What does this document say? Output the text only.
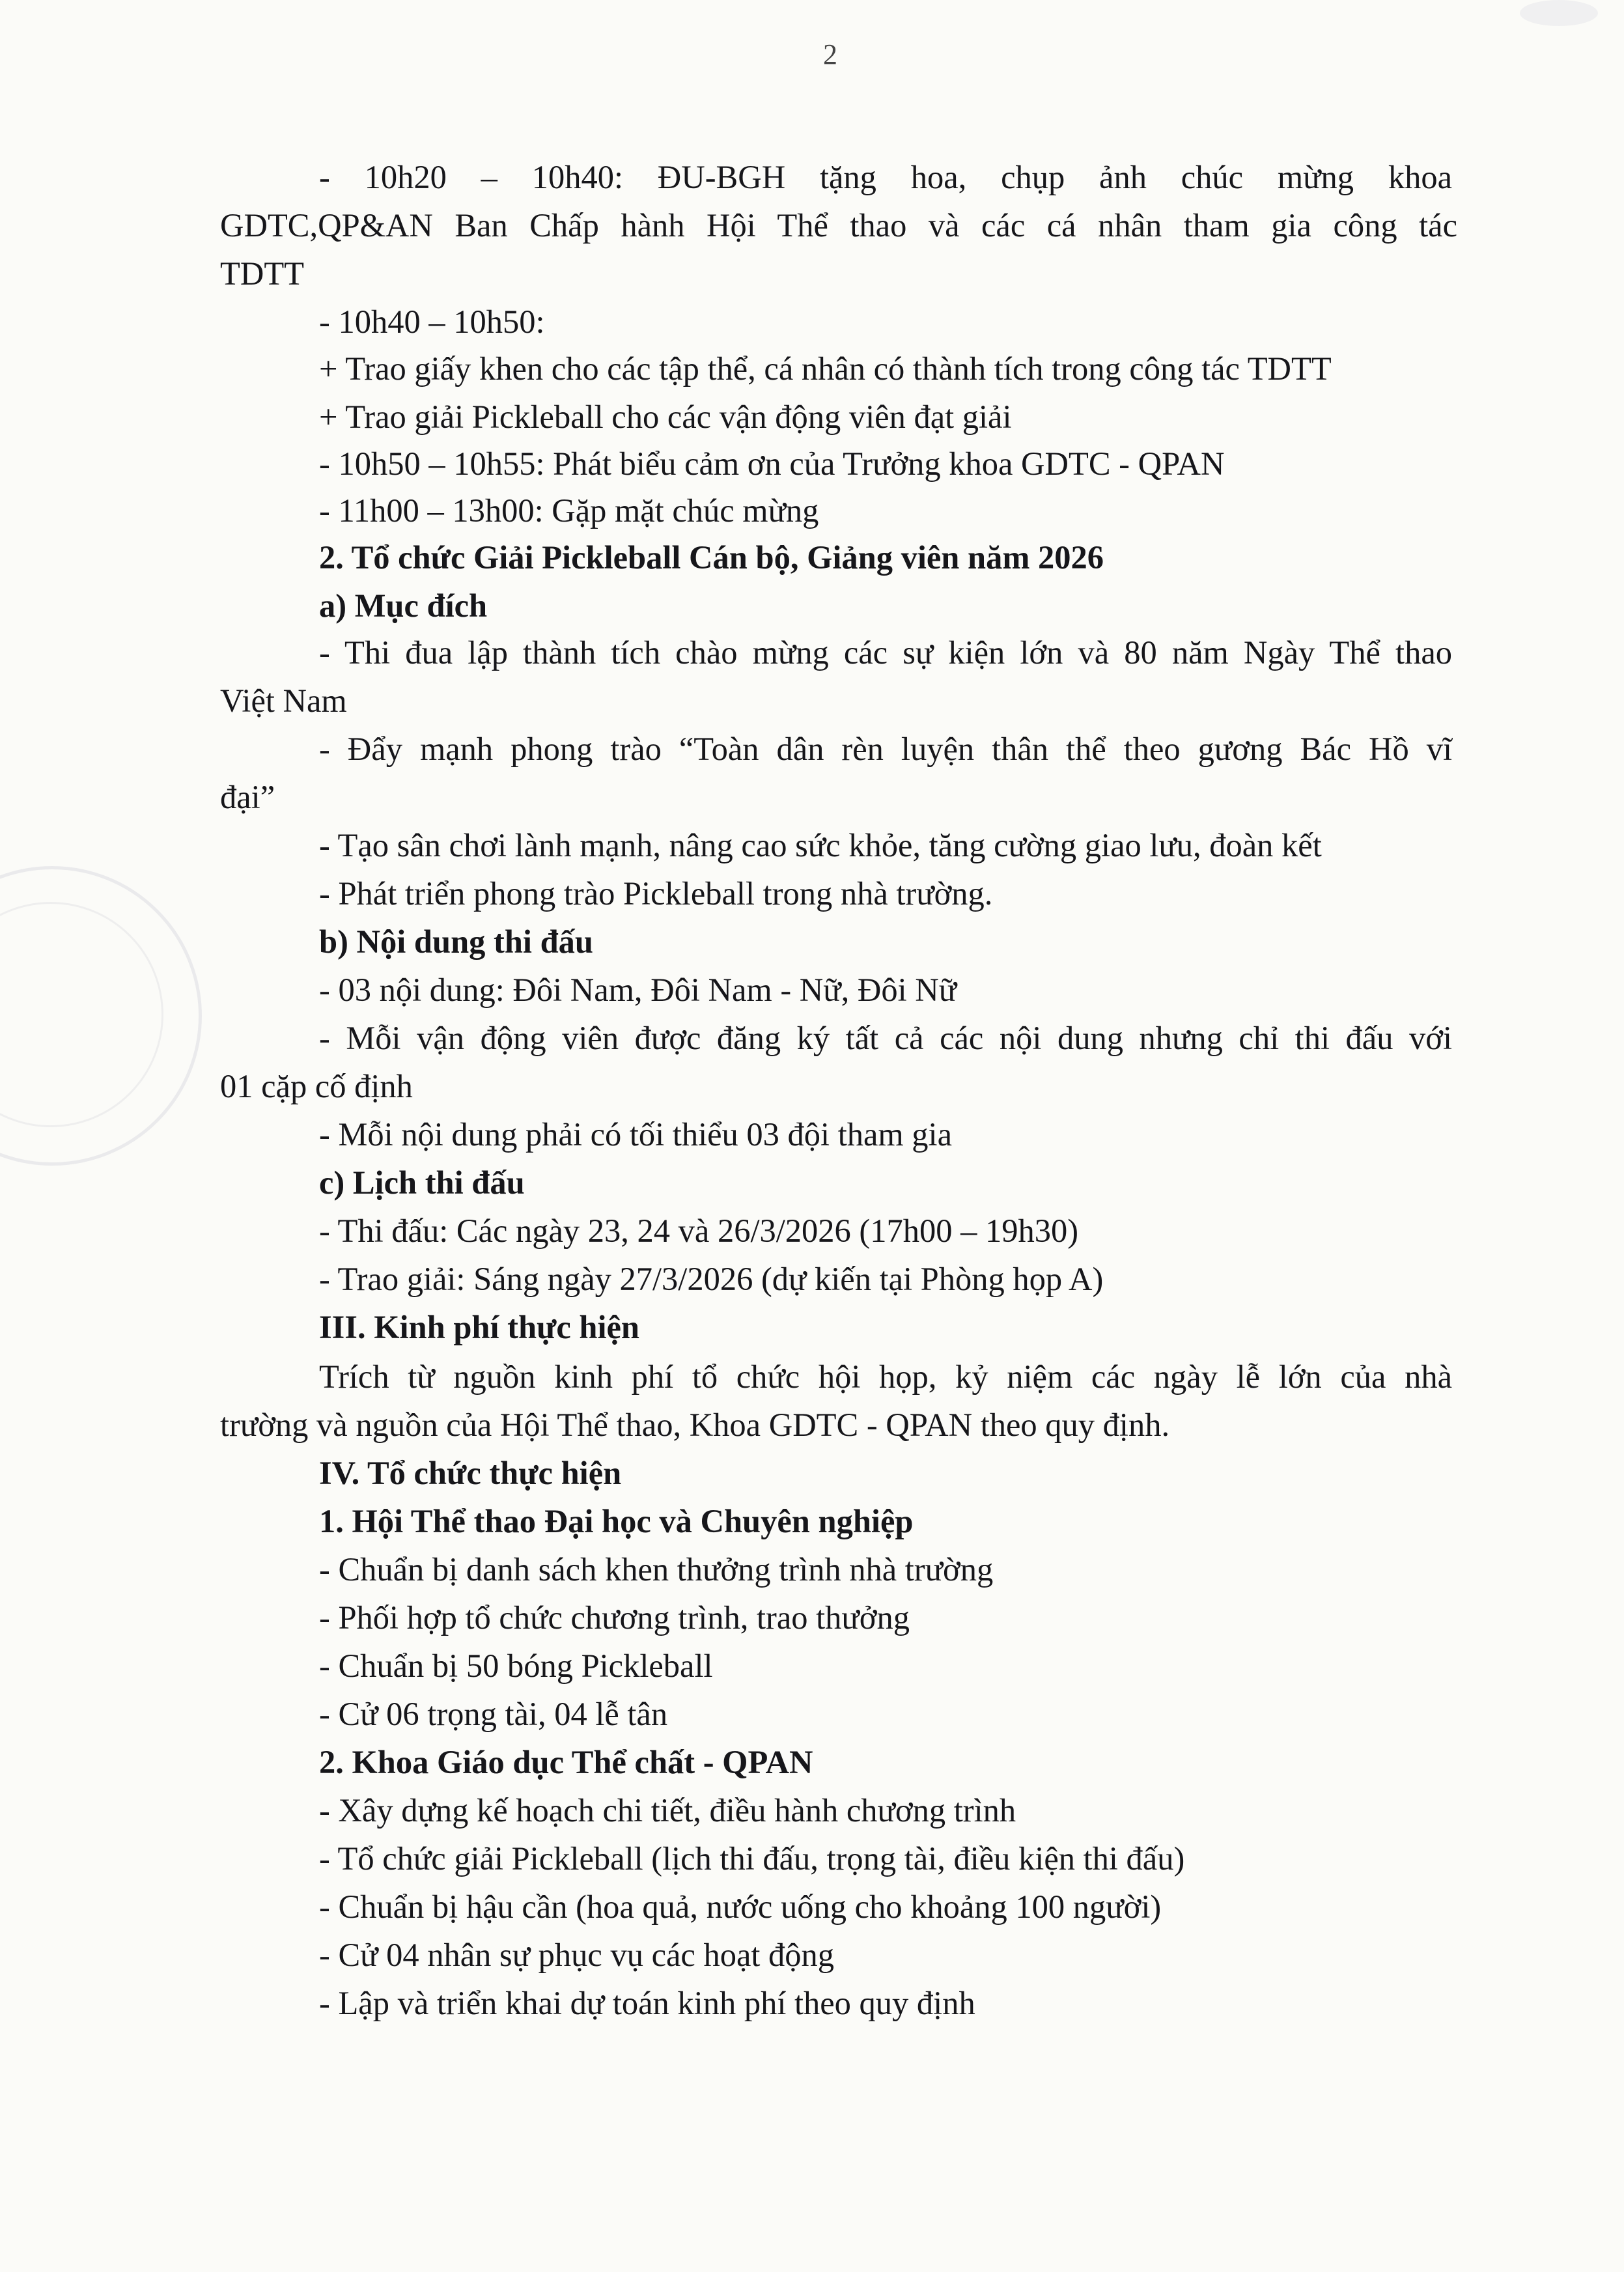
2
- 10h20 – 10h40: ĐU-BGH tặng hoa, chụp ảnh chúc mừng khoa
GDTC,QP&AN Ban Chấp hành Hội Thể thao và các cá nhân tham gia công tác
TDTT
- 10h40 – 10h50:
+ Trao giấy khen cho các tập thể, cá nhân có thành tích trong công tác TDTT
+ Trao giải Pickleball cho các vận động viên đạt giải
- 10h50 – 10h55: Phát biểu cảm ơn của Trưởng khoa GDTC - QPAN
- 11h00 – 13h00: Gặp mặt chúc mừng
2. Tổ chức Giải Pickleball Cán bộ, Giảng viên năm 2026
a) Mục đích
- Thi đua lập thành tích chào mừng các sự kiện lớn và 80 năm Ngày Thể thao
Việt Nam
- Đẩy mạnh phong trào “Toàn dân rèn luyện thân thể theo gương Bác Hồ vĩ
đại”
- Tạo sân chơi lành mạnh, nâng cao sức khỏe, tăng cường giao lưu, đoàn kết
- Phát triển phong trào Pickleball trong nhà trường.
b) Nội dung thi đấu
- 03 nội dung: Đôi Nam, Đôi Nam - Nữ, Đôi Nữ
- Mỗi vận động viên được đăng ký tất cả các nội dung nhưng chỉ thi đấu với
01 cặp cố định
- Mỗi nội dung phải có tối thiểu 03 đội tham gia
c) Lịch thi đấu
- Thi đấu: Các ngày 23, 24 và 26/3/2026 (17h00 – 19h30)
- Trao giải: Sáng ngày 27/3/2026 (dự kiến tại Phòng họp A)
III. Kinh phí thực hiện
Trích từ nguồn kinh phí tổ chức hội họp, kỷ niệm các ngày lễ lớn của nhà
trường và nguồn của Hội Thể thao, Khoa GDTC - QPAN theo quy định.
IV. Tổ chức thực hiện
1. Hội Thể thao Đại học và Chuyên nghiệp
- Chuẩn bị danh sách khen thưởng trình nhà trường
- Phối hợp tổ chức chương trình, trao thưởng
- Chuẩn bị 50 bóng Pickleball
- Cử 06 trọng tài, 04 lễ tân
2. Khoa Giáo dục Thể chất - QPAN
- Xây dựng kế hoạch chi tiết, điều hành chương trình
- Tổ chức giải Pickleball (lịch thi đấu, trọng tài, điều kiện thi đấu)
- Chuẩn bị hậu cần (hoa quả, nước uống cho khoảng 100 người)
- Cử 04 nhân sự phục vụ các hoạt động
- Lập và triển khai dự toán kinh phí theo quy định
